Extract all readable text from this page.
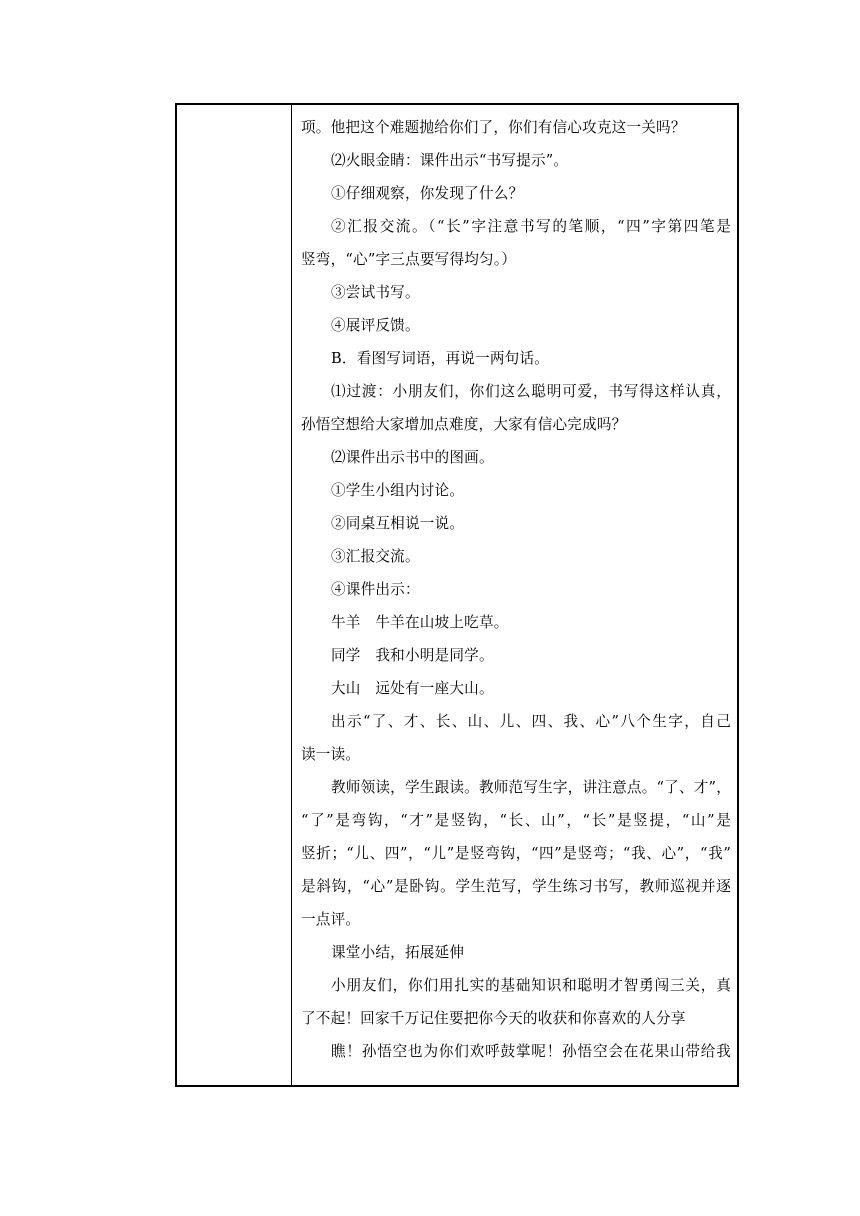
项。他把这个难题抛给你们了，你们有信心攻克这一关吗？
⑵火眼金睛：课件出示“书写提示”。
①仔细观察，你发现了什么？
②汇报交流。（“长”字注意书写的笔顺，“四”字第四笔是
竖弯，“心”字三点要写得均匀。）
③尝试书写。
④展评反馈。
B．看图写词语，再说一两句话。
⑴过渡：小朋友们，你们这么聪明可爱，书写得这样认真，
孙悟空想给大家增加点难度，大家有信心完成吗？
⑵课件出示书中的图画。
①学生小组内讨论。
②同桌互相说一说。
③汇报交流。
④课件出示：
牛羊　牛羊在山坡上吃草。
同学　我和小明是同学。
大山　远处有一座大山。
出示“了、才、长、山、儿、四、我、心”八个生字，自己
读一读。
教师领读，学生跟读。教师范写生字，讲注意点。“了、才”，
“了”是弯钩，“才”是竖钩，“长、山”，“长”是竖提，“山”是
竖折；“儿、四”，“儿”是竖弯钩，“四”是竖弯；“我、心”，“我”
是斜钩，“心”是卧钩。学生范写，学生练习书写，教师巡视并逐
一点评。
课堂小结，拓展延伸
小朋友们，你们用扎实的基础知识和聪明才智勇闯三关，真
了不起！回家千万记住要把你今天的收获和你喜欢的人分享
瞧！孙悟空也为你们欢呼鼓掌呢！孙悟空会在花果山带给我
